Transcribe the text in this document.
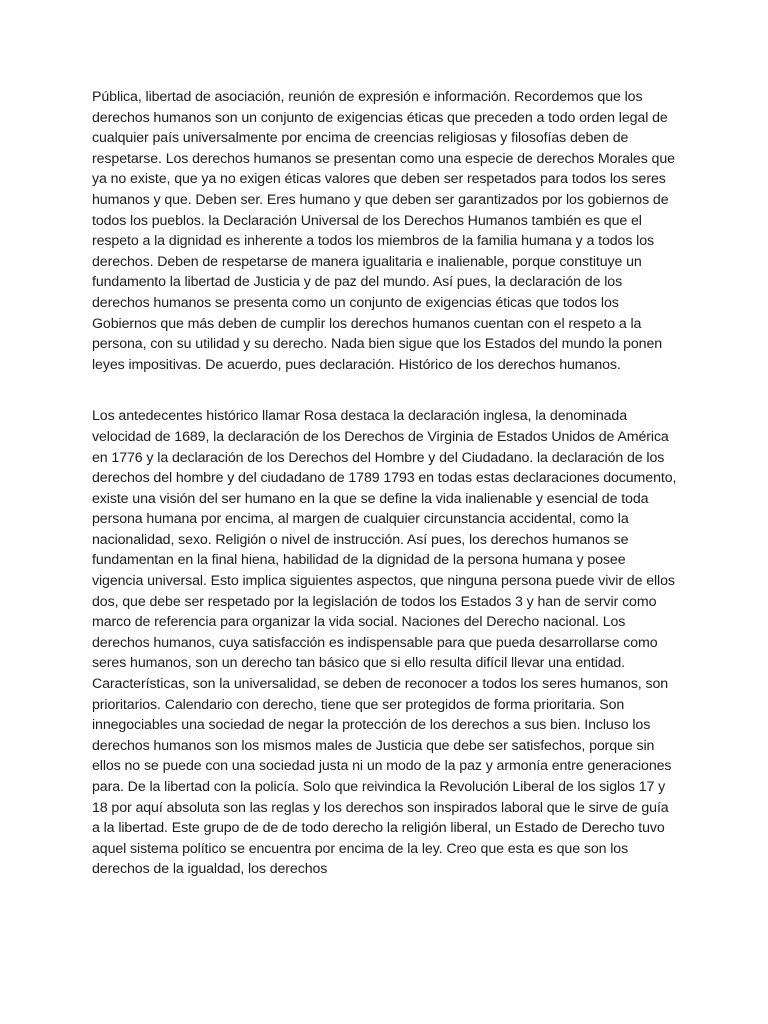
Pública, libertad de asociación, reunión de expresión e información. Recordemos que los derechos humanos son un conjunto de exigencias éticas que preceden a todo orden legal de cualquier país universalmente por encima de creencias religiosas y filosofías deben de respetarse. Los derechos humanos se presentan como una especie de derechos Morales que ya no existe, que ya no exigen éticas valores que deben ser respetados para todos los seres humanos y que. Deben ser. Eres humano y que deben ser garantizados por los gobiernos de todos los pueblos. la Declaración Universal de los Derechos Humanos también es que el respeto a la dignidad es inherente a todos los miembros de la familia humana y a todos los derechos. Deben de respetarse de manera igualitaria e inalienable, porque constituye un fundamento la libertad de Justicia y de paz del mundo. Así pues, la declaración de los derechos humanos se presenta como un conjunto de exigencias éticas que todos los Gobiernos que más deben de cumplir los derechos humanos cuentan con el respeto a la persona, con su utilidad y su derecho. Nada bien sigue que los Estados del mundo la ponen leyes impositivas. De acuerdo, pues declaración. Histórico de los derechos humanos.

Los antedecentes histórico llamar Rosa destaca la declaración inglesa, la denominada velocidad de 1689, la declaración de los Derechos de Virginia de Estados Unidos de América en 1776 y la declaración de los Derechos del Hombre y del Ciudadano. la declaración de los derechos del hombre y del ciudadano de 1789 1793 en todas estas declaraciones documento, existe una visión del ser humano en la que se define la vida inalienable y esencial de toda persona humana por encima, al margen de cualquier circunstancia accidental, como la nacionalidad, sexo. Religión o nivel de instrucción. Así pues, los derechos humanos se fundamentan en la final hiena, habilidad de la dignidad de la persona humana y posee vigencia universal. Esto implica siguientes aspectos, que ninguna persona puede vivir de ellos dos, que debe ser respetado por la legislación de todos los Estados 3 y han de servir como marco de referencia para organizar la vida social. Naciones del Derecho nacional. Los derechos humanos, cuya satisfacción es indispensable para que pueda desarrollarse como seres humanos, son un derecho tan básico que si ello resulta difícil llevar una entidad. Características, son la universalidad, se deben de reconocer a todos los seres humanos, son prioritarios. Calendario con derecho, tiene que ser protegidos de forma prioritaria. Son innegociables una sociedad de negar la protección de los derechos a sus bien. Incluso los derechos humanos son los mismos males de Justicia que debe ser satisfechos, porque sin ellos no se puede con una sociedad justa ni un modo de la paz y armonía entre generaciones para. De la libertad con la policía. Solo que reivindica la Revolución Liberal de los siglos 17 y 18 por aquí absoluta son las reglas y los derechos son inspirados laboral que le sirve de guía a la libertad. Este grupo de de de todo derecho la religión liberal, un Estado de Derecho tuvo aquel sistema político se encuentra por encima de la ley. Creo que esta es que son los derechos de la igualdad, los derechos
